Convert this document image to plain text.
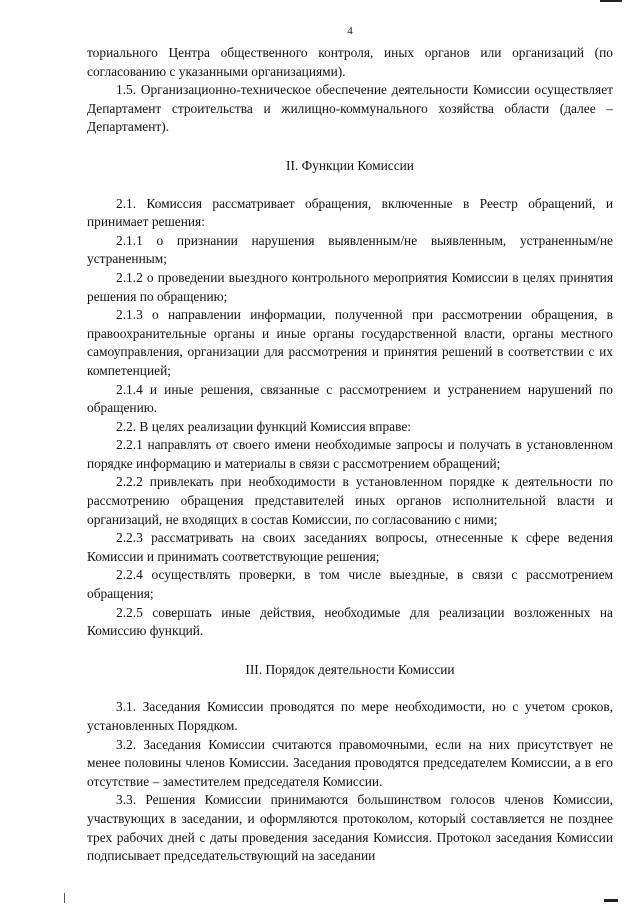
4

ториального Центра общественного контроля, иных органов или организаций (по согласованию с указанными организациями).

1.5. Организационно-техническое обеспечение деятельности Комиссии осуществляет Департамент строительства и жилищно-коммунального хозяйства области (далее – Департамент).

II. Функции Комиссии

2.1. Комиссия рассматривает обращения, включенные в Реестр обращений, и принимает решения:

2.1.1 о признании нарушения выявленным/не выявленным, устраненным/не устраненным;

2.1.2 о проведении выездного контрольного мероприятия Комиссии в целях принятия решения по обращению;

2.1.3 о направлении информации, полученной при рассмотрении обращения, в правоохранительные органы и иные органы государственной власти, органы местного самоуправления, организации для рассмотрения и принятия решений в соответствии с их компетенцией;

2.1.4 и иные решения, связанные с рассмотрением и устранением нарушений по обращению.

2.2. В целях реализации функций Комиссия вправе:

2.2.1 направлять от своего имени необходимые запросы и получать в установленном порядке информацию и материалы в связи с рассмотрением обращений;

2.2.2 привлекать при необходимости в установленном порядке к деятельности по рассмотрению обращения представителей иных органов исполнительной власти и организаций, не входящих в состав Комиссии, по согласованию с ними;

2.2.3 рассматривать на своих заседаниях вопросы, отнесенные к сфере ведения Комиссии и принимать соответствующие решения;

2.2.4 осуществлять проверки, в том числе выездные, в связи с рассмотрением обращения;

2.2.5 совершать иные действия, необходимые для реализации возложенных на Комиссию функций.

III. Порядок деятельности Комиссии

3.1. Заседания Комиссии проводятся по мере необходимости, но с учетом сроков, установленных Порядком.

3.2. Заседания Комиссии считаются правомочными, если на них присутствует не менее половины членов Комиссии. Заседания проводятся председателем Комиссии, а в его отсутствие – заместителем председателя Комиссии.

3.3. Решения Комиссии принимаются большинством голосов членов Комиссии, участвующих в заседании, и оформляются протоколом, который составляется не позднее трех рабочих дней с даты проведения заседания Комиссия. Протокол заседания Комиссии подписывает председательствующий на заседании
